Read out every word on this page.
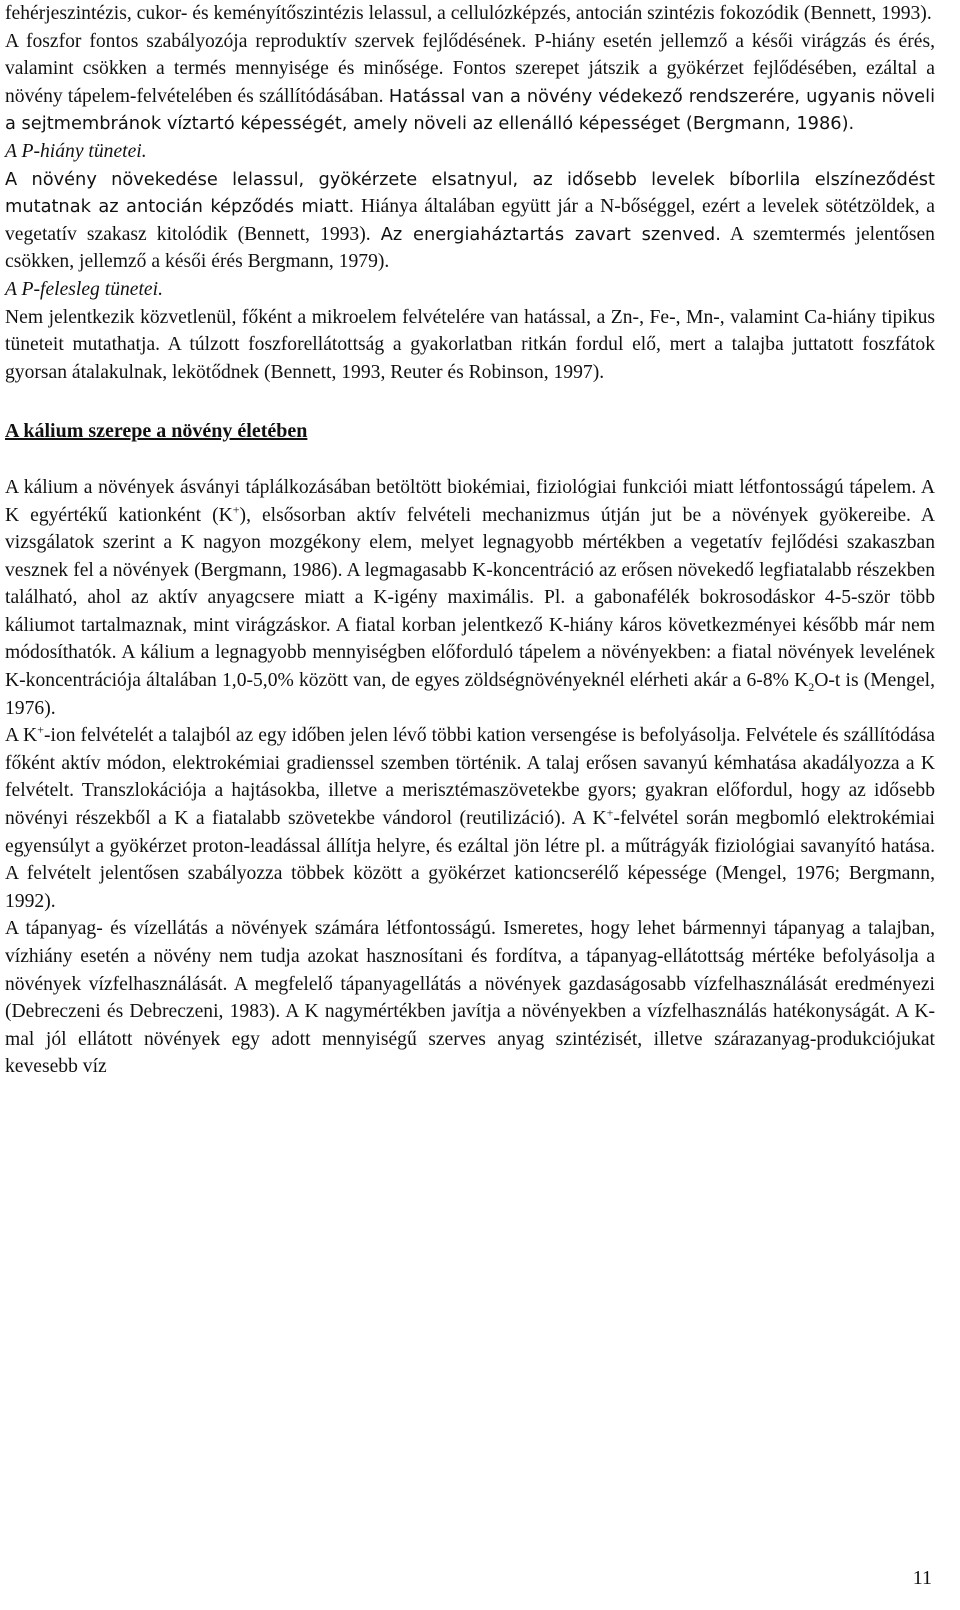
fehérjeszintézis, cukor- és keményítőszintézis lelassul, a cellulózképzés, antocián szintézis fokozódik (Bennett, 1993).
A foszfor fontos szabályozója reproduktív szervek fejlődésének. P-hiány esetén jellemző a késői virágzás és érés, valamint csökken a termés mennyisége és minősége. Fontos szerepet játszik a gyökérzet fejlődésében, ezáltal a növény tápelem-felvételében és szállítódásában. Hatással van a növény védekező rendszerére, ugyanis növeli a sejtmembránok víztartó képességét, amely növeli az ellenálló képességet (Bergmann, 1986).

A P-hiány tünetei.

A növény növekedése lelassul, gyökérzete elsatnyul, az idősebb levelek bíborlila elszíneződést mutatnak az antocián képződés miatt. Hiánya általában együtt jár a N-bőséggel, ezért a levelek sötétzöldek, a vegetatív szakasz kitolódik (Bennett, 1993). Az energiaháztartás zavart szenved. A szemtermés jelentősen csökken, jellemző a késői érés Bergmann, 1979).

A P-felesleg tünetei.

Nem jelentkezik közvetlenül, főként a mikroelem felvételére van hatással, a Zn-, Fe-, Mn-, valamint Ca-hiány tipikus tüneteit mutathatja. A túlzott foszforellátottság a gyakorlatban ritkán fordul elő, mert a talajba juttatott foszfátok gyorsan átalakulnak, lekötődnek (Bennett, 1993, Reuter és Robinson, 1997).

A kálium szerepe a növény életében

A kálium a növények ásványi táplálkozásában betöltött biokémiai, fiziológiai funkciói miatt létfontosságú tápelem. A K egyértékű kationként (K+), elsősorban aktív felvételi mechanizmus útján jut be a növények gyökereibe. A vizsgálatok szerint a K nagyon mozgékony elem, melyet legnagyobb mértékben a vegetatív fejlődési szakaszban vesznek fel a növények (Bergmann, 1986). A legmagasabb K-koncentráció az erősen növekedő legfiatalabb részekben található, ahol az aktív anyagcsere miatt a K-igény maximális. Pl. a gabonafélék bokrosodáskor 4-5-ször több káliumot tartalmaznak, mint virágzáskor. A fiatal korban jelentkező K-hiány káros következményei később már nem módosíthatók. A kálium a legnagyobb mennyiségben előforduló tápelem a növényekben: a fiatal növények levelének K-koncentrációja általában 1,0-5,0% között van, de egyes zöldségnövényeknél elérheti akár a 6-8% $K_2O-t$ is (Mengel, 1976).

A K+-ion felvételét a talajból az egy időben jelen lévő többi kation versengése is befolyásolja. Felvétele és szállítódása főként aktív módon, elektrokémiai gradienssel szemben történik. A talaj erősen savanyú kémhatása akadályozza a K felvételt. Transzlokációja a hajtásokba, illetve a merisztémaszövetekbe gyors; gyakran előfordul, hogy az idősebb növényi részekből a K a fiatalabb szövetekbe vándorol (reutilizáció). A K+-felvétel során megbomló elektrokémiai egyensúlyt a gyökérzet proton-leadással állítja helyre, és ezáltal jön létre pl. a műtrágyák fiziológiai savanyító hatása. A felvételt jelentősen szabályozza többek között a gyökérzet kationcserélő képessége (Mengel, 1976; Bergmann, 1992).

A tápanyag- és vízellátás a növények számára létfontosságú. Ismeretes, hogy lehet bármennyi tápanyag a talajban, vízhiány esetén a növény nem tudja azokat hasznosítani és fordítva, a tápanyag-ellátottság mértéke befolyásolja a növények vízfelhasználását. A megfelelő tápanyagellátás a növények gazdaságosabb vízfelhasználását eredményezi (Debreczeni és Debreczeni, 1983). A K nagymértékben javítja a növényekben a vízfelhasználás hatékonyságát. A K-mal jól ellátott növények egy adott mennyiségű szerves anyag szintézisét, illetve szárazanyag-produkciójukat kevesebb víz

11
